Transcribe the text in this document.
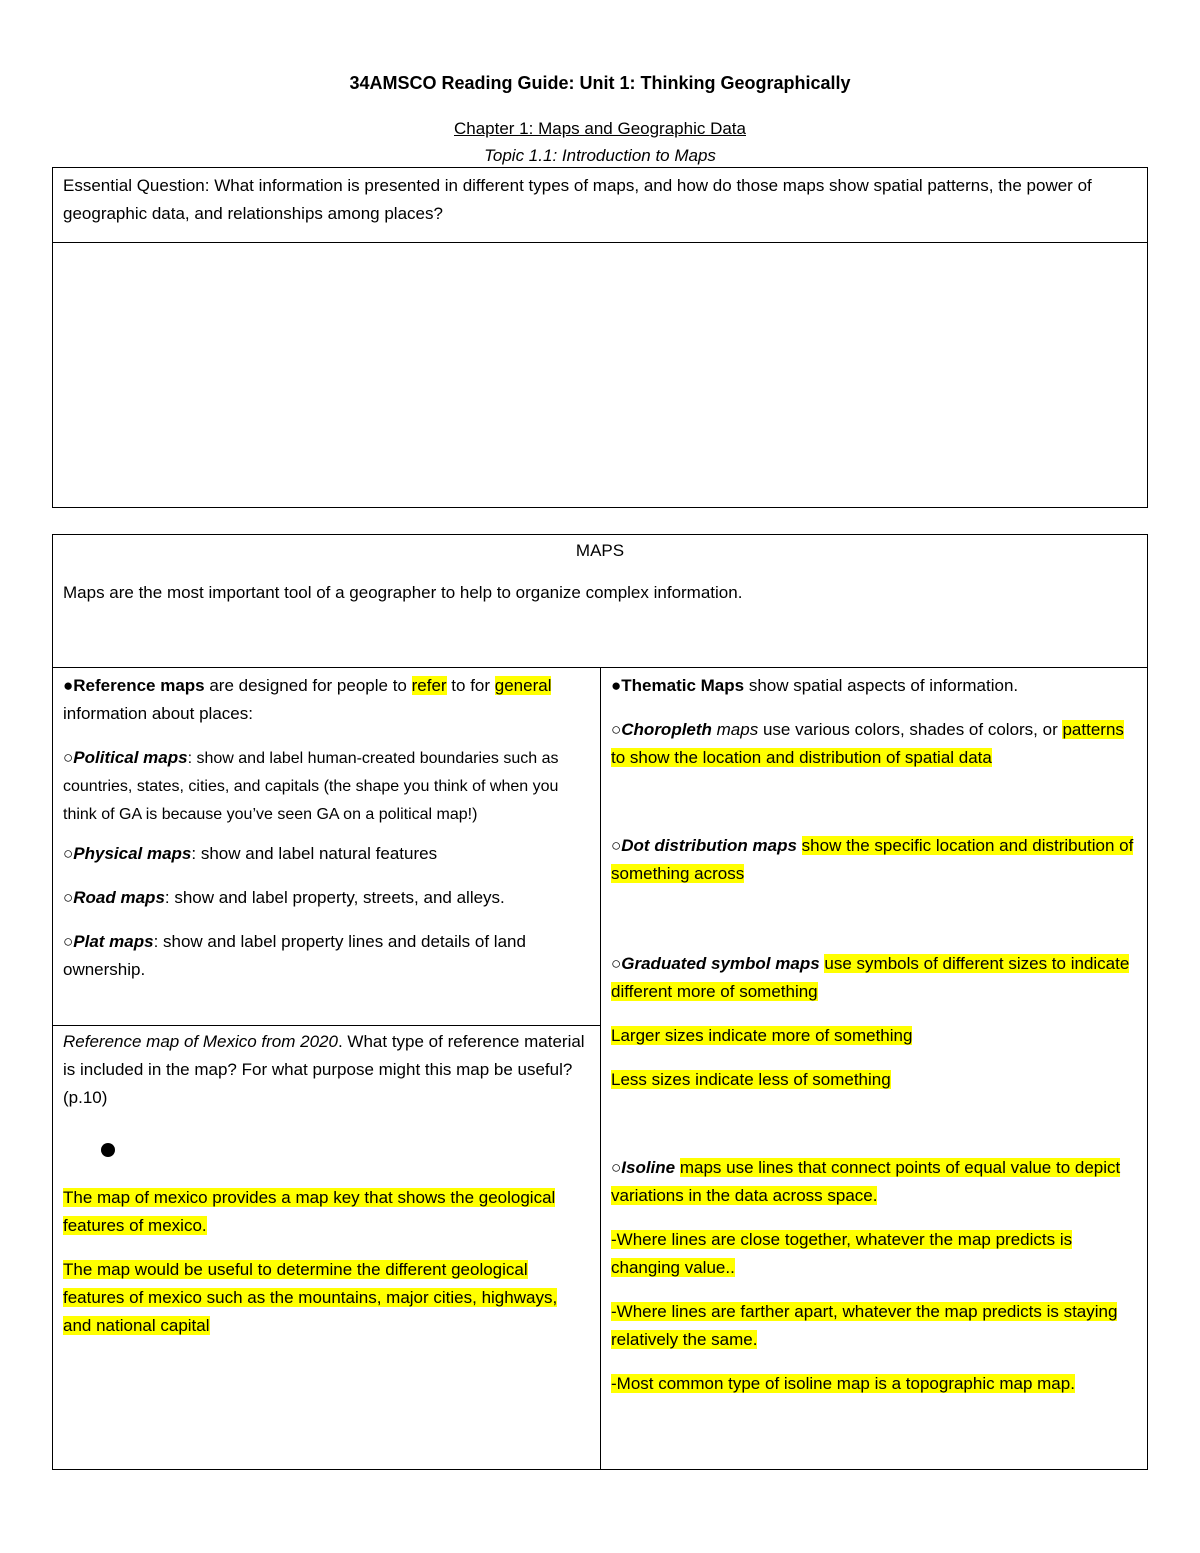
34AMSCO Reading Guide: Unit 1: Thinking Geographically
Chapter 1: Maps and Geographic Data
Topic 1.1: Introduction to Maps
Essential Question: What information is presented in different types of maps, and how do those maps show spatial patterns, the power of geographic data, and relationships among places?
MAPS
Maps are the most important tool of a geographer to help to organize complex information.

●Reference maps are designed for people to refer to for general information about places:

○Political maps: show and label human-created boundaries such as countries, states, cities, and capitals (the shape you think of when you think of GA is because you’ve seen GA on a political map!)

○Physical maps: show and label natural features

○Road maps: show and label property, streets, and alleys.

○Plat maps: show and label property lines and details of land ownership.

Reference map of Mexico from 2020. What type of reference material is included in the map? For what purpose might this map be useful? (p.10)

The map of mexico provides a map key that shows the geological features of mexico.

The map would be useful to determine the different geological features of mexico such as the mountains, major cities, highways, and national capital

●Thematic Maps show spatial aspects of information.

○Choropleth maps use various colors, shades of colors, or patterns to show the location and distribution of spatial data

○Dot distribution maps show the specific location and distribution of something across

○Graduated symbol maps use symbols of different sizes to indicate different more of something

Larger sizes indicate more of something

Less sizes indicate less of something

○Isoline maps use lines that connect points of equal value to depict variations in the data across space.

-Where lines are close together, whatever the map predicts is changing value..

-Where lines are farther apart, whatever the map predicts is staying relatively the same.

-Most common type of isoline map is a topographic map map.
